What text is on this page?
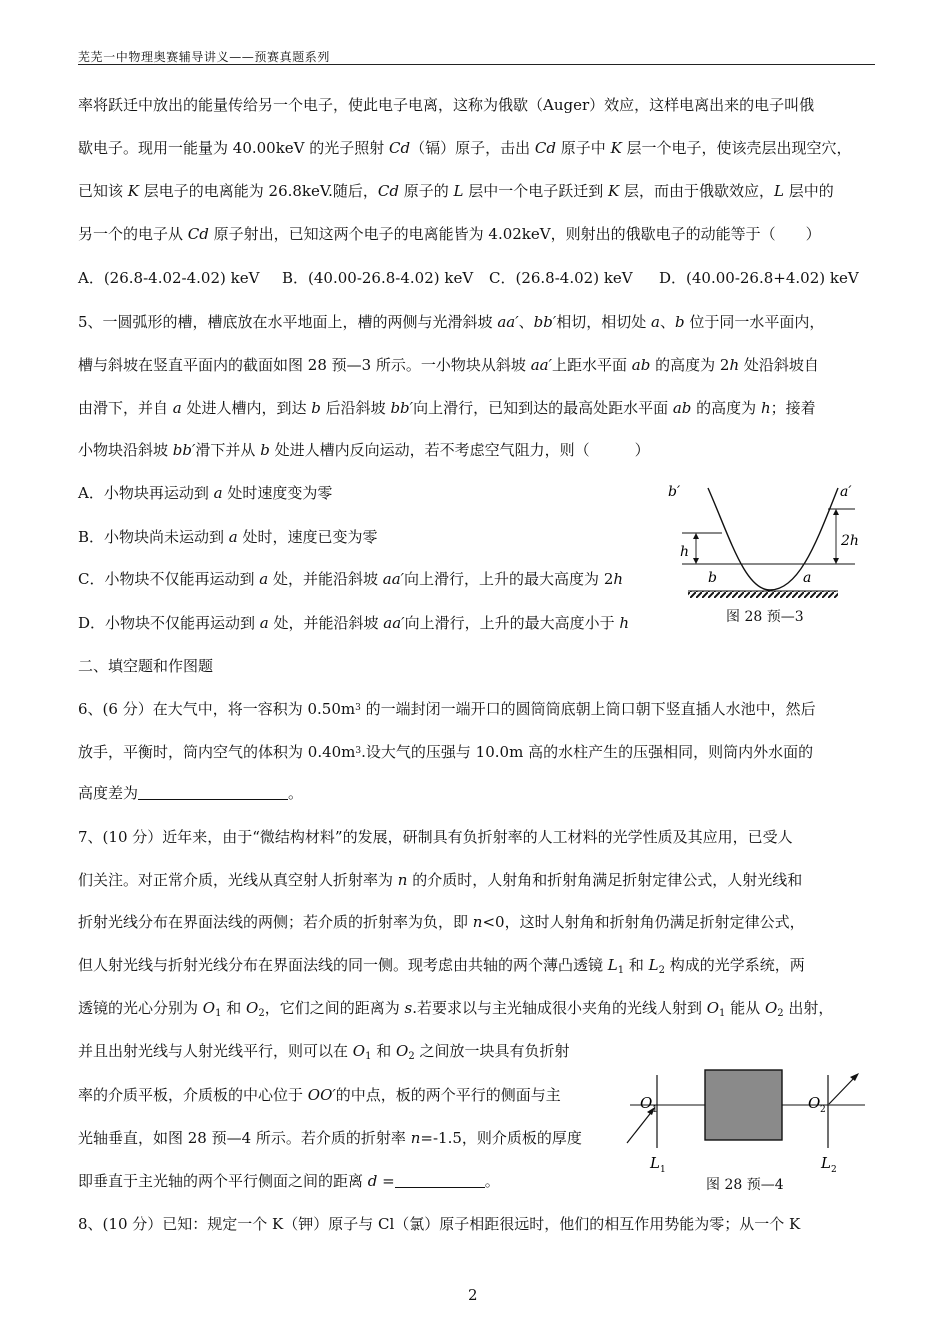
芜芜一中物理奥赛辅导讲义——预赛真题系列
率将跃迁中放出的能量传给另一个电子，使此电子电离，这称为俄歇（Auger）效应，这样电离出来的电子叫俄
歇电子。现用一能量为 40.00keV 的光子照射 Cd（镉）原子，击出 Cd 原子中 K 层一个电子，使该壳层出现空穴，
已知该 K 层电子的电离能为 26.8keV.随后，Cd 原子的 L 层中一个电子跃迁到 K 层，而由于俄歇效应，L 层中的
另一个的电子从 Cd 原子射出，已知这两个电子的电离能皆为 4.02keV，则射出的俄歇电子的动能等于（　　）
A．(26.8-4.02-4.02) keV B．(40.00-26.8-4.02) keV C．(26.8-4.02) keV D．(40.00-26.8+4.02) keV
5、一圆弧形的槽，槽底放在水平地面上，槽的两侧与光滑斜坡 aa′、bb′相切，相切处 a、b 位于同一水平面内，
槽与斜坡在竖直平面内的截面如图 28 预—3 所示。一小物块从斜坡 aa′上距水平面 ab 的高度为 2h 处沿斜坡自
由滑下，并自 a 处进人槽内，到达 b 后沿斜坡 bb′向上滑行，已知到达的最高处距水平面 ab 的高度为 h；接着
小物块沿斜坡 bb′滑下并从 b 处进人槽内反向运动，若不考虑空气阻力，则（　　　）
A．小物块再运动到 a 处时速度变为零
B．小物块尚未运动到 a 处时，速度已变为零
C．小物块不仅能再运动到 a 处，并能沿斜坡 aa′向上滑行，上升的最大高度为 2h
D．小物块不仅能再运动到 a 处，并能沿斜坡 aa′向上滑行，上升的最大高度小于 h
b′	a′
h
2h
b	a
图 28 预—3
二、填空题和作图题
6、(6 分）在大气中，将一容积为 $0.50m^3$ 的一端封闭一端开口的圆筒筒底朝上筒口朝下竖直插人水池中，然后
放手，平衡时，筒内空气的体积为 $0.40m^3$.设大气的压强与 10.0m 高的水柱产生的压强相同，则筒内外水面的
高度差为	。
7、(10 分）近年来，由于“微结构材料”的发展，研制具有负折射率的人工材料的光学性质及其应用，已受人
们关注。对正常介质，光线从真空射人折射率为 n 的介质时，人射角和折射角满足折射定律公式，人射光线和
折射光线分布在界面法线的两侧；若介质的折射率为负，即 n<0，这时人射角和折射角仍满足折射定律公式，
但人射光线与折射光线分布在界面法线的同一侧。现考虑由共轴的两个薄凸透镜 $L_1$ 和 $L_2$ 构成的光学系统，两
透镜的光心分别为 $O_1$ 和 $O_2$，它们之间的距离为 s.若要求以与主光轴成很小夹角的光线人射到 $O_1$ 能从 $O_2$ 出射，
并且出射光线与人射光线平行，则可以在 $O_1$ 和 $O_2$ 之间放一块具有负折射
率的介质平板，介质板的中心位于 OO′的中点，板的两个平行的侧面与主
光轴垂直，如图 28 预—4 所示。若介质的折射率 n=-1.5，则介质板的厚度
即垂直于主光轴的两个平行侧面之间的距离 d =	。
O 1	O 2
L 1	L 2
图 28 预—4
8、(10 分）已知：规定一个 K（钾）原子与 Cl（氯）原子相距很远时，他们的相互作用势能为零；从一个 K
2
